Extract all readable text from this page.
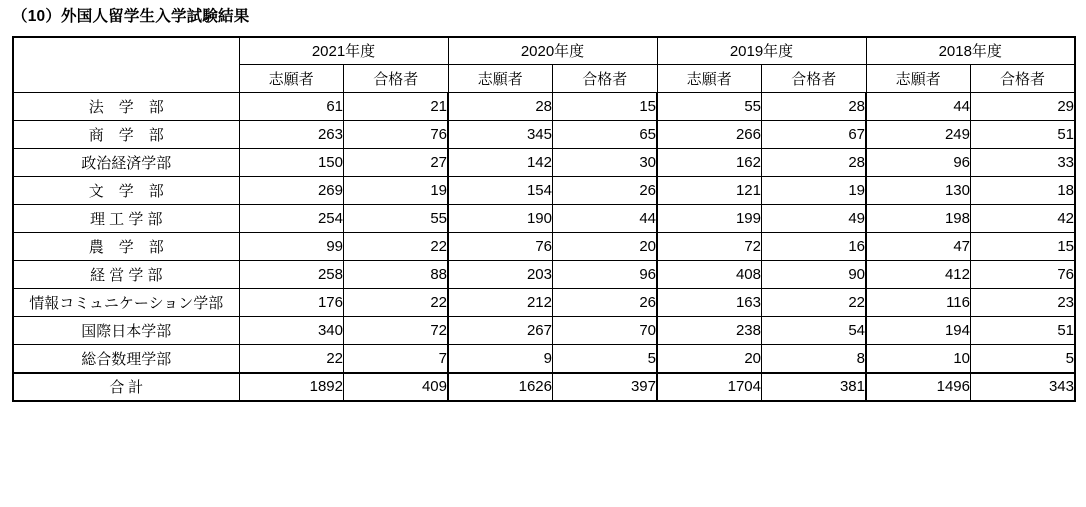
（10）外国人留学生入学試験結果
	2021年度		2020年度		2019年度		2018年度	
	志願者	合格者	志願者	合格者	志願者	合格者	志願者	合格者
法　学　部	61	21	28	15	55	28	44	29
商　学　部	263	76	345	65	266	67	249	51
政治経済学部	150	27	142	30	162	28	96	33
文　学　部	269	19	154	26	121	19	130	18
理 工 学 部	254	55	190	44	199	49	198	42
農　学　部	99	22	76	20	72	16	47	15
経 営 学 部	258	88	203	96	408	90	412	76
情報コミュニケーション学部	176	22	212	26	163	22	116	23
国際日本学部	340	72	267	70	238	54	194	51
総合数理学部	22	7	9	5	20	8	10	5
合計	1892	409	1626	397	1704	381	1496	343
